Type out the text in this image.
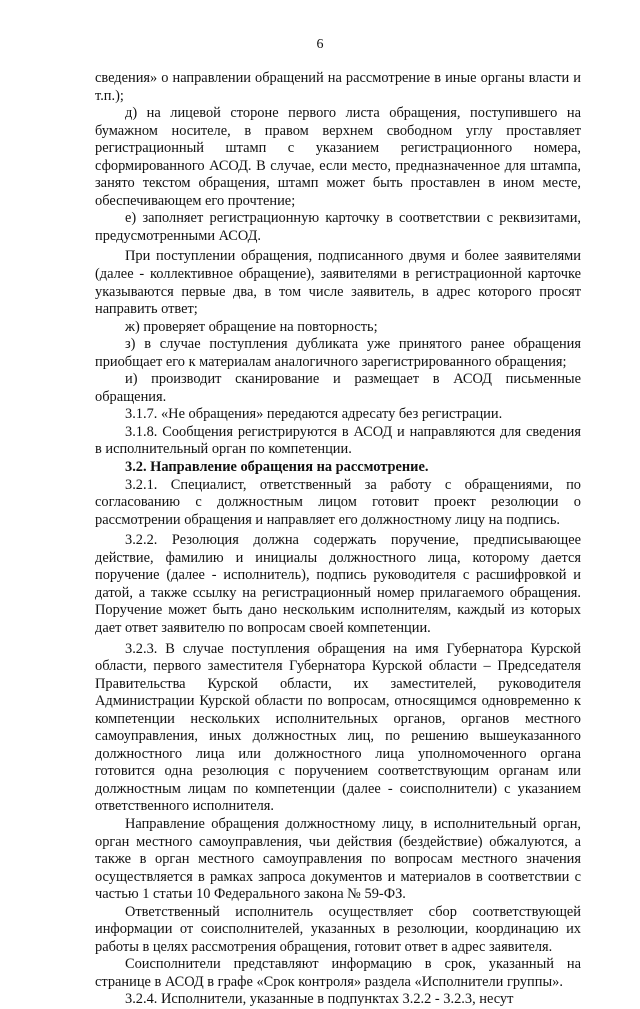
6

сведения» о направлении обращений на рассмотрение в иные органы власти и т.п.);

д) на лицевой стороне первого листа обращения, поступившего на бумажном носителе, в правом верхнем свободном углу проставляет регистрационный штамп с указанием регистрационного номера, сформированного АСОД. В случае, если место, предназначенное для штампа, занято текстом обращения, штамп может быть проставлен в ином месте, обеспечивающем его прочтение;

е) заполняет регистрационную карточку в соответствии с реквизитами, предусмотренными АСОД.

При поступлении обращения, подписанного двумя и более заявителями (далее - коллективное обращение), заявителями в регистрационной карточке указываются первые два, в том числе заявитель, в адрес которого просят направить ответ;

ж) проверяет обращение на повторность;

з) в случае поступления дубликата уже принятого ранее обращения приобщает его к материалам аналогичного зарегистрированного обращения;

и) производит сканирование и размещает в АСОД письменные обращения.

3.1.7. «Не обращения» передаются адресату без регистрации.

3.1.8. Сообщения регистрируются в АСОД и направляются для сведения в исполнительный орган по компетенции.

3.2. Направление обращения на рассмотрение.

3.2.1. Специалист, ответственный за работу с обращениями, по согласованию с должностным лицом готовит проект резолюции о рассмотрении обращения и направляет его должностному лицу на подпись.

3.2.2. Резолюция должна содержать поручение, предписывающее действие, фамилию и инициалы должностного лица, которому дается поручение (далее - исполнитель), подпись руководителя с расшифровкой и датой, а также ссылку на регистрационный номер прилагаемого обращения. Поручение может быть дано нескольким исполнителям, каждый из которых дает ответ заявителю по вопросам своей компетенции.

3.2.3. В случае поступления обращения на имя Губернатора Курской области, первого заместителя Губернатора Курской области – Председателя Правительства Курской области, их заместителей, руководителя Администрации Курской области по вопросам, относящимся одновременно к компетенции нескольких исполнительных органов, органов местного самоуправления, иных должностных лиц, по решению вышеуказанного должностного лица или должностного лица уполномоченного органа готовится одна резолюция с поручением соответствующим органам или должностным лицам по компетенции (далее - соисполнители) с указанием ответственного исполнителя.

Направление обращения должностному лицу, в исполнительный орган, орган местного самоуправления, чьи действия (бездействие) обжалуются, а также в орган местного самоуправления по вопросам местного значения осуществляется в рамках запроса документов и материалов в соответствии с частью 1 статьи 10 Федерального закона № 59-ФЗ.

Ответственный исполнитель осуществляет сбор соответствующей информации от соисполнителей, указанных в резолюции, координацию их работы в целях рассмотрения обращения, готовит ответ в адрес заявителя.

Соисполнители представляют информацию в срок, указанный на странице в АСОД в графе «Срок контроля» раздела «Исполнители группы».

3.2.4. Исполнители, указанные в подпунктах 3.2.2 - 3.2.3, несут
